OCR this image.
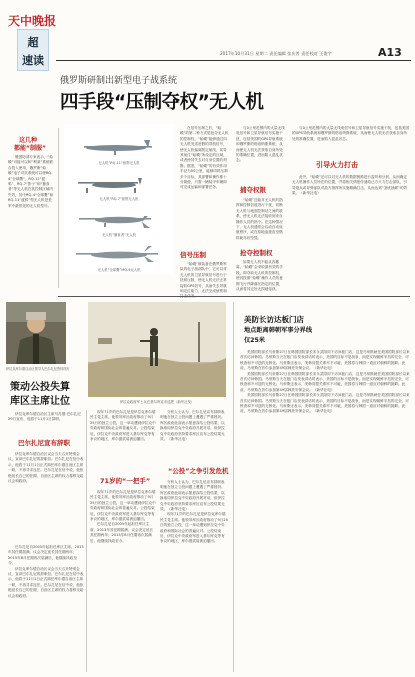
天中晚报
超
速读
2017年10月31日 星期二 责任编辑 张庆普 责任校对 王俊宇	A13
俄罗斯研制出新型电子战系统
四手段“压制夺权”无人机
这几种
都能“制服”

俄国防部专家表示，“蛤蟆”可能可以和“利莱”系统联合投入使用，俄罗斯“蛤蟆”电子对抗系统可以使RQ-4“全球鹰”、RQ-11“渡鸦”、RQ-7“影子”和“捕食者”等无人机在其控制区域内失效，其中RQ-4“全球鹰”和RQ-11“渡鸦”型无人机是美军中最常见的无人机型号。

无人机“RQ-11”侦察无人机
无人机“RQ-7”侦察无人机
无人机“捕食者”无人机
无人机“全球鹰”MQ-9无人机

在信号压制之后，“蛤蟆”的第二种方式是抢夺无人机的控制权。“蛤蟆”能够通过向无人机发送虚假的导航信号，使无人机偏离既定航线，误导其前往“蛤蟆”所设定的区域，或者使其失去对自身位置的判断。据悉，“蛤蟆”的有效作用半径为50公里，能够同时压制多个目标，其部署和操作都十分简便，只需一辆装甲车辆即可完成运输和部署任务。

信号压制

“蛤蟆”被装备在俄罗斯军队的电子战部队中，它可以对无人机的卫星导航信号进行干扰和压制，使无人机无法正常接收GPS信号，从而失去导航和定位能力，无法完成侦察和打击任务。

与0公里范围内的大量无线电信号和卫星导航信号实施干扰，包括美国的GPS导航系统和俄罗斯的格洛纳斯系统，从而使无人机无法获取自身所处的准确位置，进而陷入混乱状态。

捕夺权限

“蛤蟆”还能对无人机的指挥和控制信道进行干扰，切断无人机与地面控制站之间的联系，使无人机无法接收到来自操作人员的指令。在这种情况下，无人机通常会启动自动返航程序，或在原地盘旋直至燃料耗尽后坠毁。

抢夺控制权

如果无人机不能从容撤离，“蛤蟆”会采取最有效的手段，即夺取无人机的控制权，使其按照“蛤蟆”操作人员的意图飞行并降落在指定的位置，从而将其完好无损地俘获。

与0公里范围内的大量无线电信号和卫星导航信号实施干扰，包括美国的GPS导航系统和俄罗斯的格洛纳斯系统，从而使无人机无法获取自身所处的准确位置，进而陷入混乱状态。

引导火力打击

此外，“蛤蟆”还可以对无人机的数据链路进行监听和分析，从而确定无人机操作人员所在的位置，并将相关情报传递给己方火力打击部队，引导炮兵或导弹部队对敌方指挥所实施精确打击，从而达到“釜底抽薪”的效果。（新华社电）

伊拉克库尔德自治区领导人巴尔扎尼资料图片
伊拉克政府军士兵在基尔库克市巡逻（新华社发）
策动公投失算
库区主席让位

伊拉克库尔德自治区主席马苏德·巴尔扎尼29日宣布，他将于11月1日辞职。

巴尔扎尼宣布辞职

伊拉克库尔德自治区议会当天召开特别会议，宣读巴尔扎尼的辞职信。巴尔扎尼在信中表示，他将于11月1日正式卸任库尔德自治区主席一职，不再寻求连任。巴尔扎尼在信中说，他拒绝延长自己的任期，自治区主席的权力将移交给议会和政府。

巴尔扎尼自2005年起担任库区主席。2013年其任期届满，议会决定延长其任期两年；2015年8月任期再次届满后，他继续执政至今。

伊拉克库尔德自治区议会当天召开特别会议，宣读巴尔扎尼的辞职信。巴尔扎尼在信中表示，他将于11月1日正式卸任库尔德自治区主席一职，不再寻求连任。巴尔扎尼在信中说，他拒绝延长自己的任期，自治区主席的权力将移交给议会和政府。

现年71岁的巴尔扎尼是伊拉克库尔德民主党主席。他领导库区政府推动了9月25日的独立公投，这一举动遭到伊拉克中央政府和国际社会的普遍反对。公投结束后，伊拉克中央政府军进入基尔库克等有争议的地区，库尔德武装被迫撤出。

71岁的“一把手”

现年71岁的巴尔扎尼是伊拉克库尔德民主党主席。他领导库区政府推动了9月25日的独立公投，这一举动遭到伊拉克中央政府和国际社会的普遍反对。公投结束后，伊拉克中央政府军进入基尔库克等有争议的地区，库尔德武装被迫撤出。

巴尔扎尼自2005年起担任库区主席。2013年其任期届满，议会决定延长其任期两年；2015年8月任期再次届满后，他继续执政至今。

分析人士认为，巴尔扎尼宣布辞职表明他在独立公投问题上遭遇了严重挫折。库区政府此前表示愿意冻结公投结果，以换取同伊拉克中央政府开展对话，但伊拉克中央政府坚持要求库区宣布公投结果无效。（新华社电）

“公投”之争引发危机

分析人士认为，巴尔扎尼宣布辞职表明他在独立公投问题上遭遇了严重挫折。库区政府此前表示愿意冻结公投结果，以换取同伊拉克中央政府开展对话，但伊拉克中央政府坚持要求库区宣布公投结果无效。（新华社电）

现年71岁的巴尔扎尼是伊拉克库尔德民主党主席。他领导库区政府推动了9月25日的独立公投，这一举动遭到伊拉克中央政府和国际社会的普遍反对。公投结束后，伊拉克中央政府军进入基尔库克等有争议的地区，库尔德武装被迫撤出。

美防长访达板门店
地点距离韩朝军事分界线
仅25米

美国国防部长马蒂斯27日在韩国国防部长宋永武陪同下访问板门店，这是马蒂斯就任美国国防部长以来首次访问韩国。马蒂斯当天在板门店发表讲话时表示，美国的目标不是战争，而是实现朝鲜半岛的完全、可核查和不可逆的无核化。马蒂斯还表示，美韩同盟关系牢不可破，美国将与韩国一道应对朝鲜的挑衅。此前，马蒂斯在首尔参加第49届韩美安保会议。（新华社电）

美国国防部长马蒂斯27日在韩国国防部长宋永武陪同下访问板门店，这是马蒂斯就任美国国防部长以来首次访问韩国。马蒂斯当天在板门店发表讲话时表示，美国的目标不是战争，而是实现朝鲜半岛的完全、可核查和不可逆的无核化。马蒂斯还表示，美韩同盟关系牢不可破，美国将与韩国一道应对朝鲜的挑衅。此前，马蒂斯在首尔参加第49届韩美安保会议。（新华社电）

美国国防部长马蒂斯27日在韩国国防部长宋永武陪同下访问板门店，这是马蒂斯就任美国国防部长以来首次访问韩国。马蒂斯当天在板门店发表讲话时表示，美国的目标不是战争，而是实现朝鲜半岛的完全、可核查和不可逆的无核化。马蒂斯还表示，美韩同盟关系牢不可破，美国将与韩国一道应对朝鲜的挑衅。此前，马蒂斯在首尔参加第49届韩美安保会议。（新华社电）
